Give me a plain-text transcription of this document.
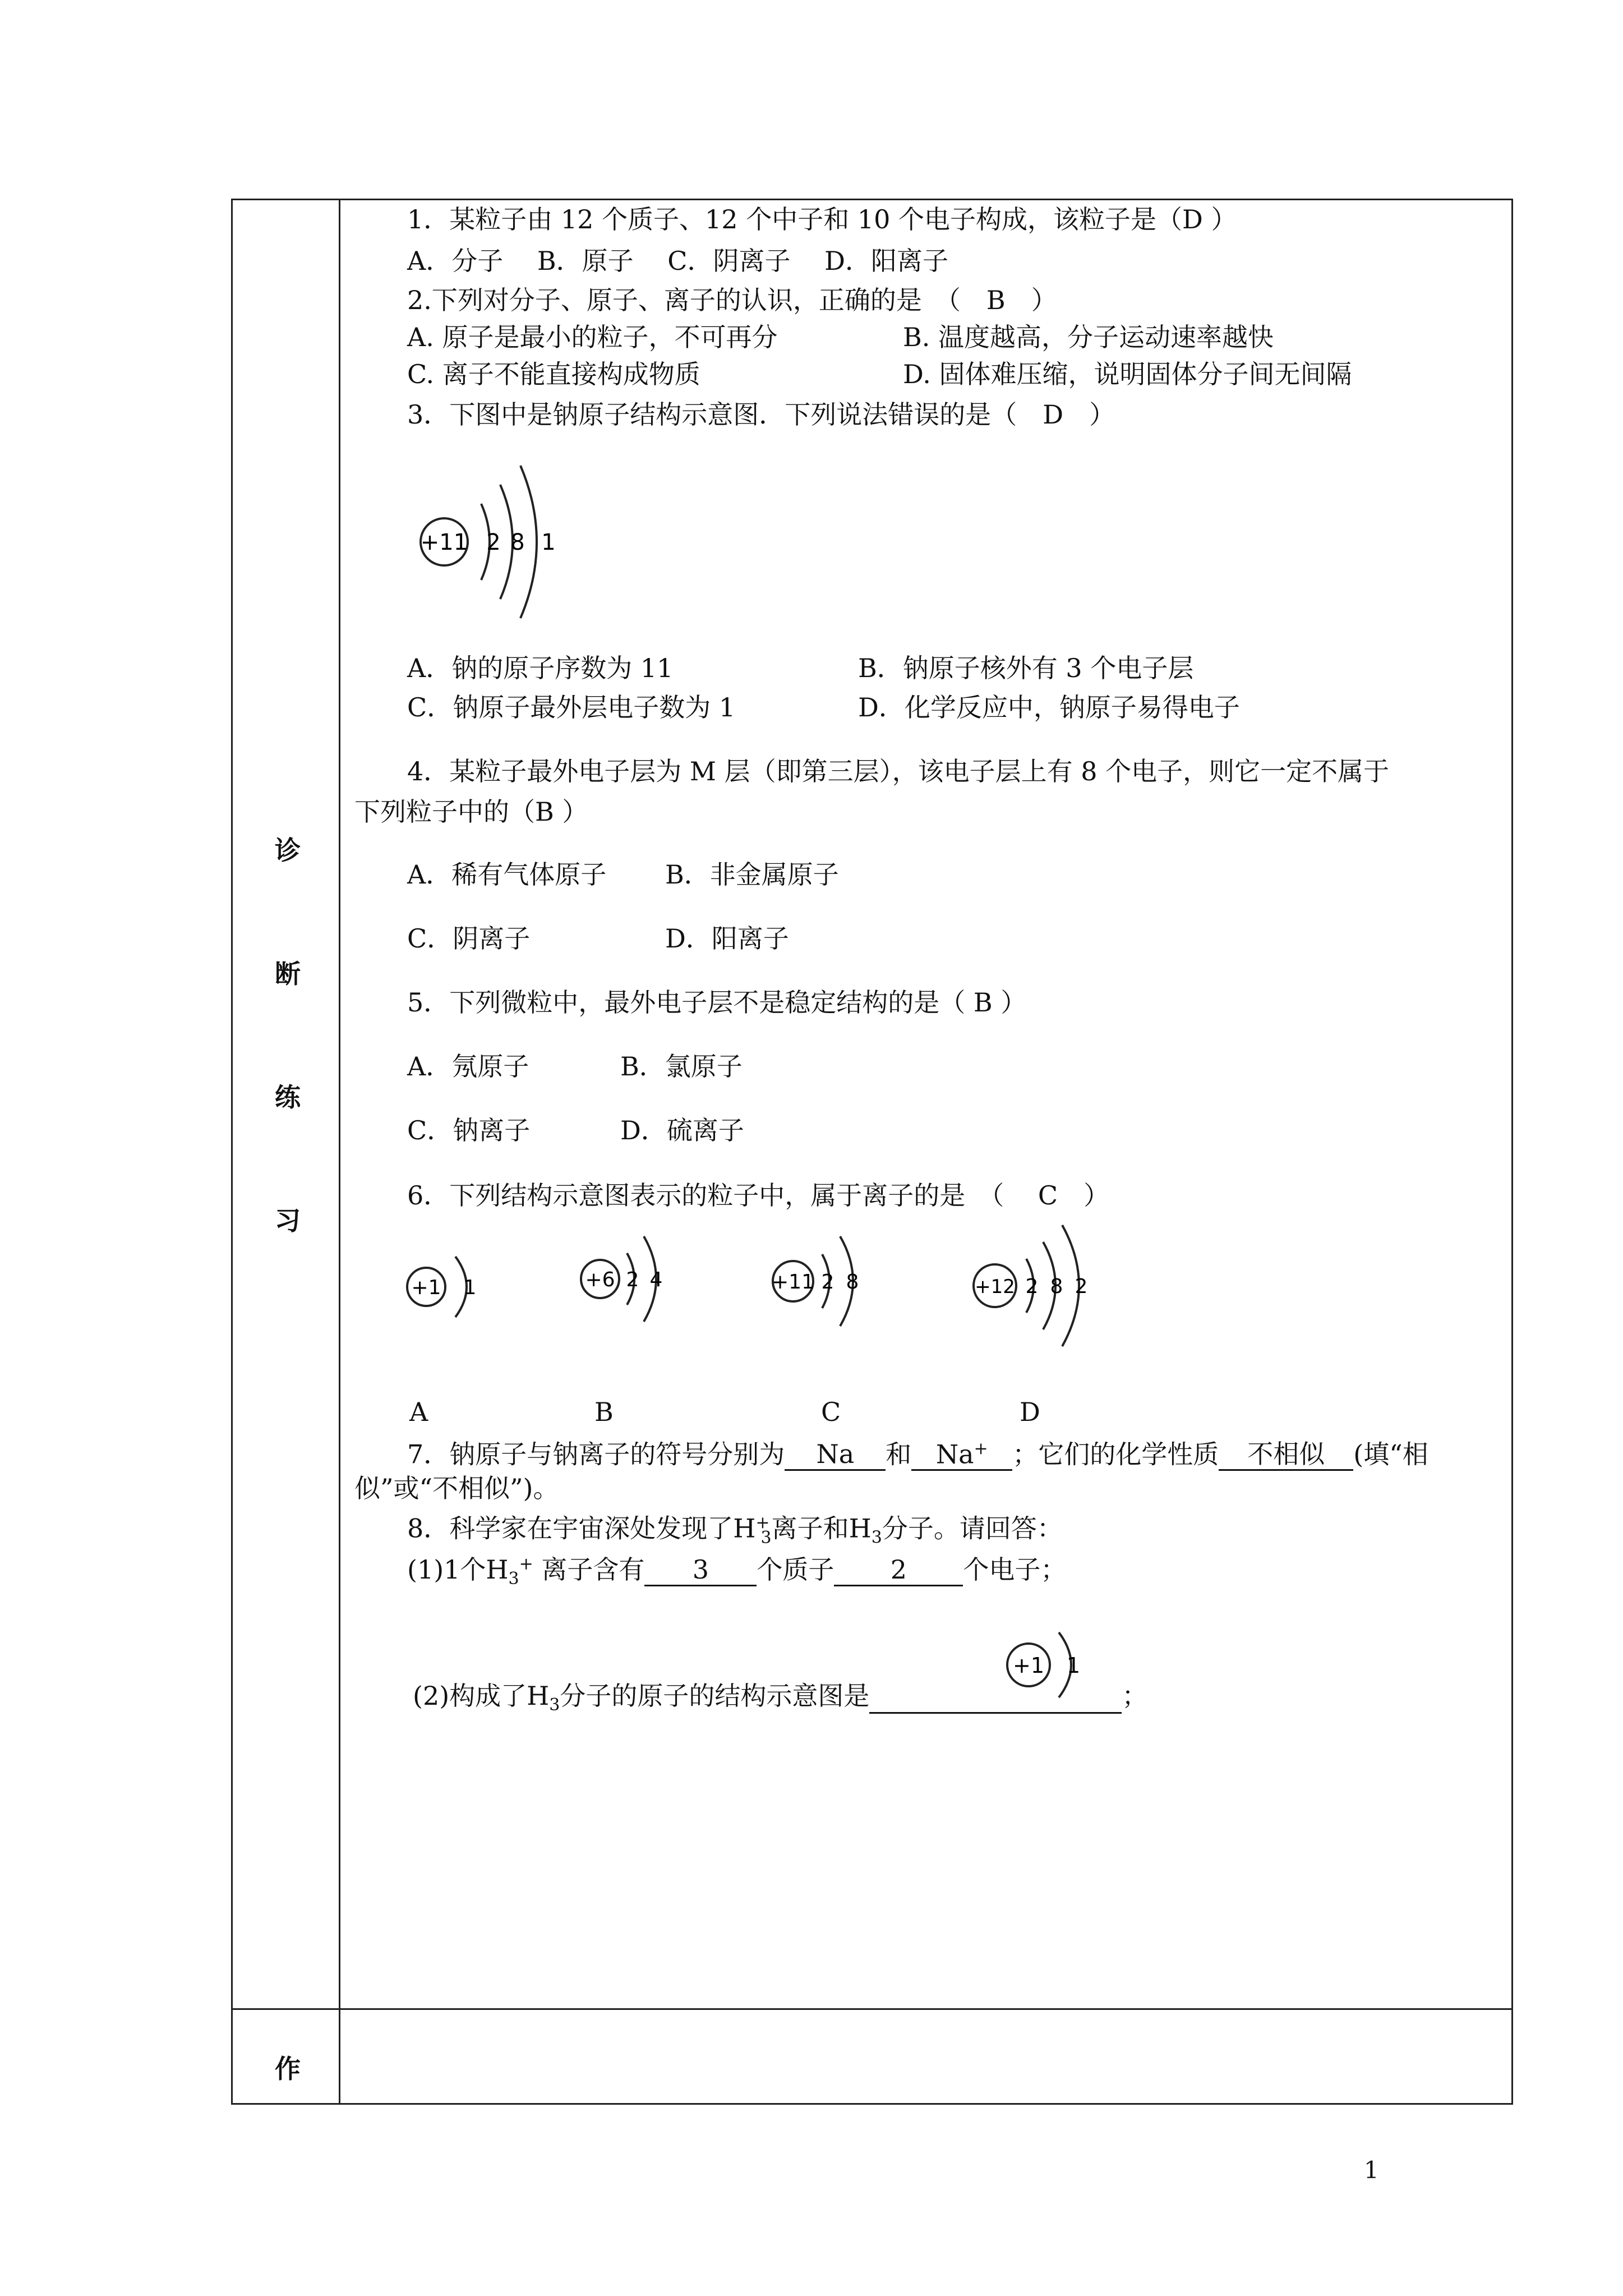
诊
断
练
习
作
1．某粒子由 12 个质子、12 个中子和 10 个电子构成，该粒子是（D ）
A．分子　 B．原子　 C．阴离子　 D．阳离子
2.下列对分子、原子、离子的认识，正确的是　（　B　）
A. 原子是最小的粒子，不可再分	B. 温度越高，分子运动速率越快
C. 离子不能直接构成物质	D. 固体难压缩，说明固体分子间无间隔
3．下图中是钠原子结构示意图．下列说法错误的是（　D　）
+11 2 8 1
A．钠的原子序数为 11	B．钠原子核外有 3 个电子层
C．钠原子最外层电子数为 1	D．化学反应中，钠原子易得电子
4．某粒子最外电子层为 M 层（即第三层），该电子层上有 8 个电子，则它一定不属于
下列粒子中的（B ）
A．稀有气体原子 B．非金属原子
C．阴离子	D．阳离子
5．下列微粒中，最外电子层不是稳定结构的是（ B ）
A．氖原子	B．氯原子
C．钠离子	D．硫离子
6．下列结构示意图表示的粒子中，属于离子的是　（　 C　）
+1 1	+6 2 4	+11 2 8	+12 2 8 2
A	B	C	D
7．钠原子与钠离子的符号分别为 Na 和 Na+ ；它们的化学性质 不相似 (填“相
似”或“不相似”)。
8．科学家在宇宙深处发现了$H^+_3$离子和$H_3$分子。请回答：
(1)1个$H_3^+$ 离子含有 3 个质子 2 个电子；
+1 1
(2)构成了$H_3$分子的原子的结构示意图是	；
1
